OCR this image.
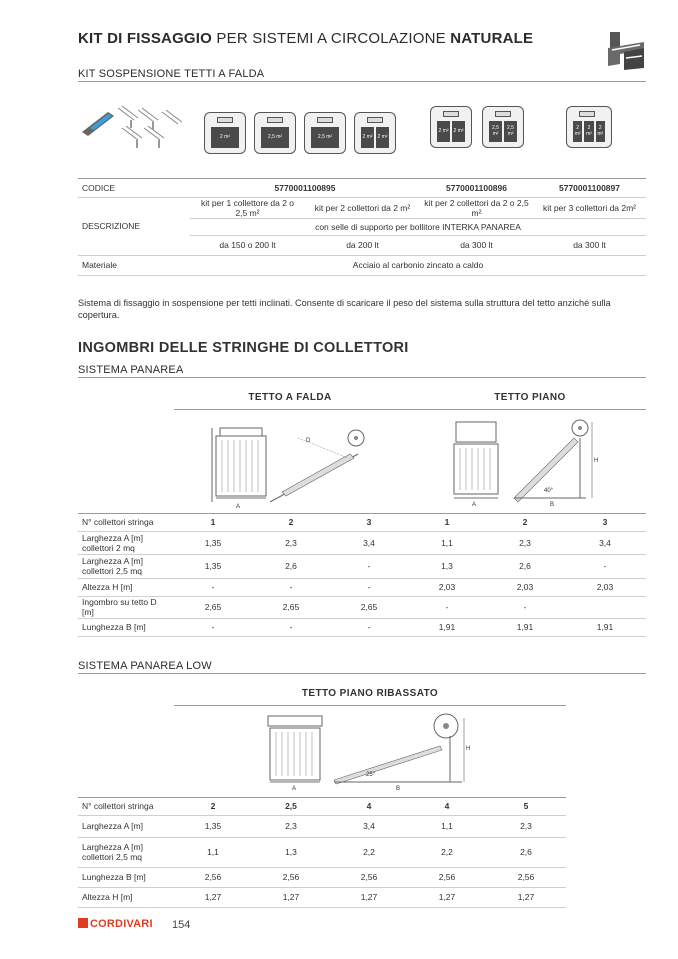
KIT DI FISSAGGIO PER SISTEMI A CIRCOLAZIONE NATURALE
KIT SOSPENSIONE TETTI A FALDA
2 m²	2,5 m²	2,5 m²	2 m²	2 m²
2 m²	2 m²	2,5 m²
2,5 m²
2 m²
2 m²
2 m²
CODICE	5770001100895		5770001100896	5770001100897
DESCRIZIONE	kit per 1 collettore da 2 o 2,5 m²	kit per 2 collettori da 2 m²	kit per 2 collettori da 2 o 2,5 m²	kit per 3 collettori da 2m²
	con selle di supporto per bollitore INTERKA PANAREA			
	da 150 o 200 lt	da 200 lt	da 300 lt	da 300 lt
Materiale	Acciaio al carbonio zincato a caldo			
Sistema di fissaggio in sospensione per tetti inclinati. Consente di scaricare il peso del sistema sulla struttura del tetto anziché sulla copertura.
INGOMBRI DELLE STRINGHE DI COLLETTORI
SISTEMA PANAREA
TETTO A FALDA	TETTO PIANO
A
D
A
H
40°
B
N° collettori stringa	1	2	3	1	2	3
Larghezza A [m] collettori 2 mq	1,35	2,3	3,4	1,1	2,3	3,4
Larghezza A [m] collettori 2,5 mq	1,35	2,6	-	1,3	2,6	-
Altezza H [m]	-	-	-	2,03	2,03	2,03
Ingombro su tetto D [m]	2,65	2,65	2,65	-	-	
Lunghezza B [m]	-	-	-	1,91	1,91	1,91
SISTEMA PANAREA LOW
TETTO PIANO RIBASSATO
A
H
25°
B
N° collettori stringa	2	2,5	4	4	5
Larghezza A [m]	1,35	2,3	3,4	1,1	2,3
Larghezza A [m] collettori 2,5 mq	1,1	1,3	2,2	2,2	2,6
Lunghezza B [m]	2,56	2,56	2,56	2,56	2,56
Altezza H [m]	1,27	1,27	1,27	1,27	1,27
CORDIVARI 154
